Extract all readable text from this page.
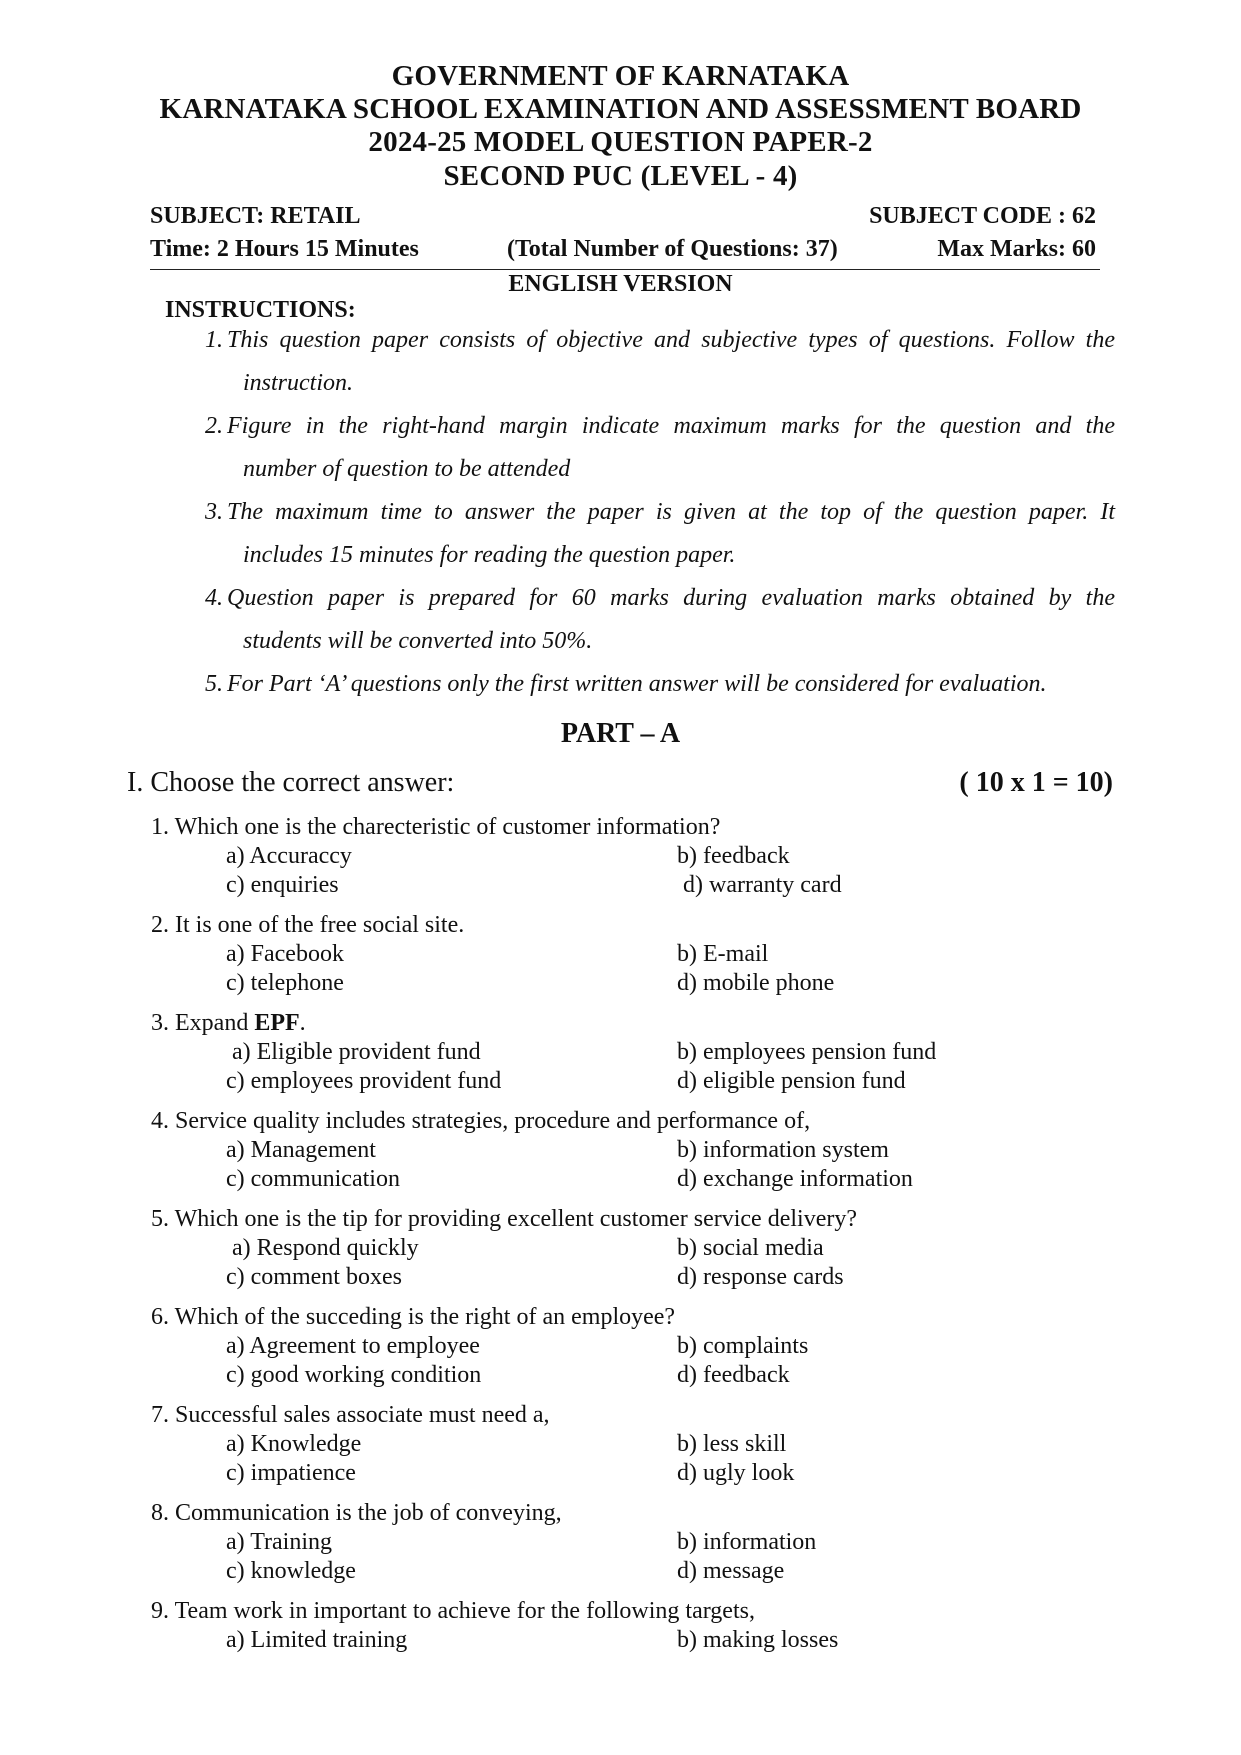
GOVERNMENT OF KARNATAKA
KARNATAKA SCHOOL EXAMINATION AND ASSESSMENT BOARD
2024-25 MODEL QUESTION PAPER-2
SECOND PUC (LEVEL - 4)
SUBJECT: RETAIL	SUBJECT CODE : 62
Time: 2 Hours 15 Minutes	(Total Number of Questions: 37)	Max Marks: 60
ENGLISH VERSION
INSTRUCTIONS:
1. This question paper consists of objective and subjective types of questions. Follow the
instruction.
2. Figure in the right-hand margin indicate maximum marks for the question and the
number of question to be attended
3. The maximum time to answer the paper is given at the top of the question paper. It
includes 15 minutes for reading the question paper.
4. Question paper is prepared for 60 marks during evaluation marks obtained by the
students will be converted into 50%.
5. For Part ‘A’ questions only the first written answer will be considered for evaluation.
PART – A
I. Choose the correct answer:	( 10 x 1 = 10)
1. Which one is the charecteristic of customer information?
a) Accuraccy	b) feedback
c) enquiries	d) warranty card
2. It is one of the free social site.
a) Facebook	b) E-mail
c) telephone	d) mobile phone
3. Expand EPF.
a) Eligible provident fund	b) employees pension fund
c) employees provident fund	d) eligible pension fund
4. Service quality includes strategies, procedure and performance of,
a) Management	b) information system
c) communication	d) exchange information
5. Which one is the tip for providing excellent customer service delivery?
a) Respond quickly	b) social media
c) comment boxes	d) response cards
6. Which of the succeding is the right of an employee?
a) Agreement to employee	b) complaints
c) good working condition	d) feedback
7. Successful sales associate must need a,
a) Knowledge	b) less skill
c) impatience	d) ugly look
8. Communication is the job of conveying,
a) Training	b) information
c) knowledge	d) message
9. Team work in important to achieve for the following targets,
a) Limited training	b) making losses
